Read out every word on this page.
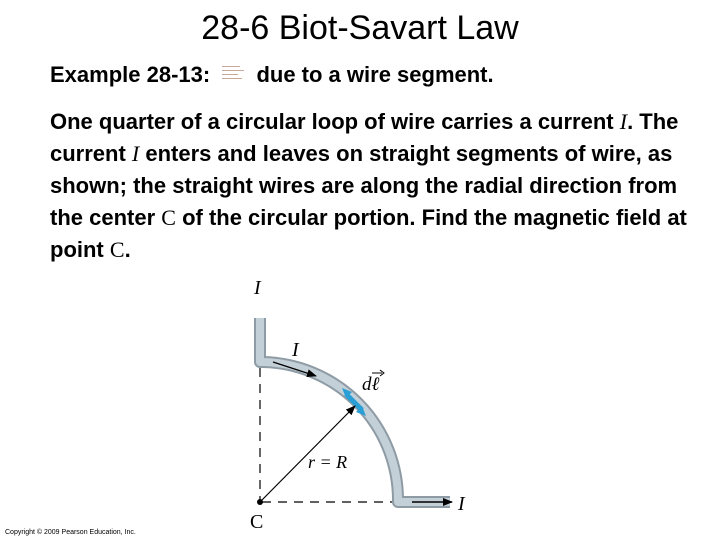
28-6 Biot-Savart Law
Example 28-13: due to a wire segment.
One quarter of a circular loop of wire carries a current I. The current I enters and leaves on straight segments of wire, as shown; the straight wires are along the radial direction from the center C of the circular portion. Find the magnetic field at point C.
I
I
dℓ
r = R
I
C
Copyright © 2009 Pearson Education, Inc.
